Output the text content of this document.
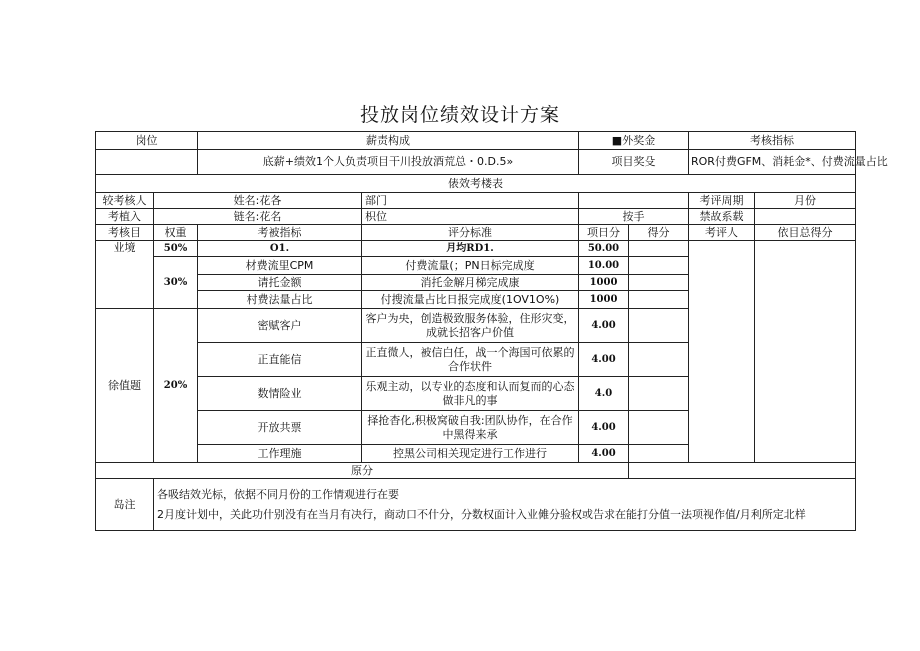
投放岗位绩效设计方案
岗位		薪责构成		■外奖金		考核指标	
		底薪+绩效1个人负责项目干川投放酒荒总・0.D.5»		项目奖殳		ROR付费GFM、消耗金*、付费流量占比	
俵效考楼表							
较考核人	姓名:花各		部门			考评周期	月份
考植入	链名:花名		枳位	按手		禁故系载	
考核目	权重	考被指标	评分标准	项日分	得分	考评人	依目总得分
业境	50%	O1.	月均RD1.	50.00			
	30%	材费流里CPM	付费流量(；PN日标完成度	10.00			
		请托金额	消托金解月梯完成康	1000			
		村费法量占比	付搜流量占比日报完成度(1OV1O%)	1000			
徐值题	20%	密赋客户	客户为央，创造极致服务体验，住形灾变，成就长招客户价值	4.00			
		正直能信	正直微人，被信白任，战一个海国可依累的合作状件	4.00			
		数情险业	乐观主动，以专业的态度和认而复而的心态做非凡的事	4.0			
		开放共票	择抢杳化,积极窝破自我:团队协作，在合作中黑得来承	4.00			
		工作理施	控黑公司相关现定进行工作进行	4.00			
原分							
岛注	各吸结效光标，依据不同月份的工作情观进行在要
2月度计划中，关此功什别没有在当月有决行，商动口不什分，分数权面计入业傩分验权或告求在能打分值一法项视作值/月利所定北样						
